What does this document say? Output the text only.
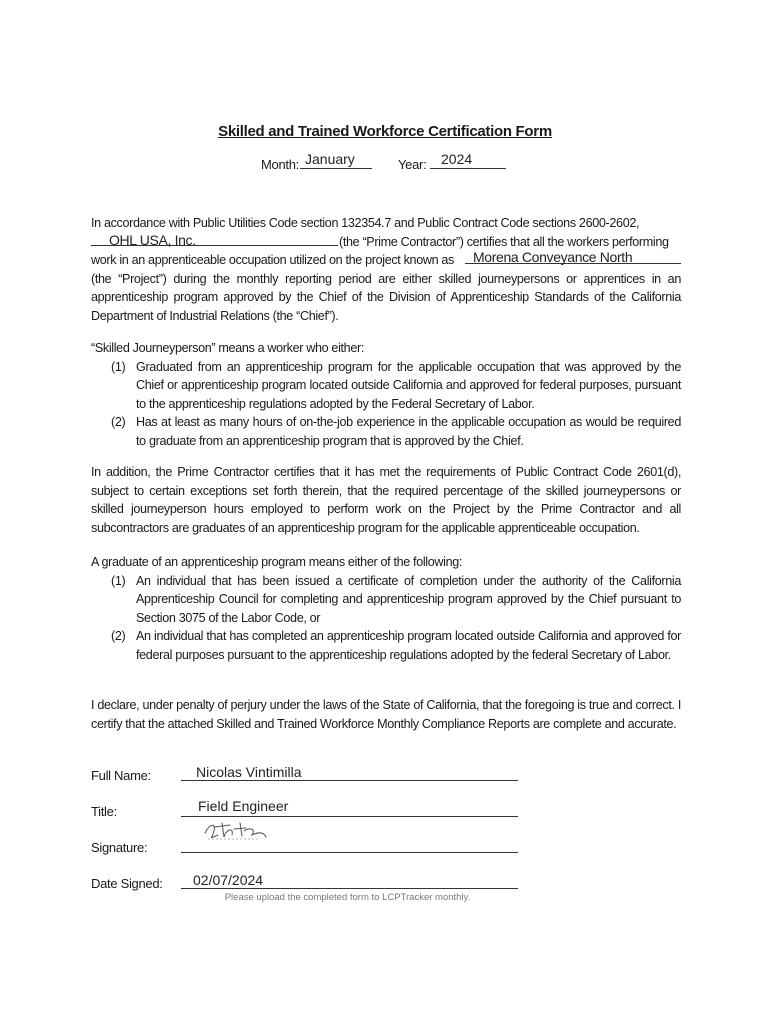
Skilled and Trained Workforce Certification Form
Month: January	Year: 2024
In accordance with Public Utilities Code section 132354.7 and Public Contract Code sections 2600-2602,
OHL USA, Inc.	(the “Prime Contractor”) certifies that all the workers performing
work in an apprenticeable occupation utilized on the project known as Morena Conveyance North
(the “Project”) during the monthly reporting period are either skilled journeypersons or apprentices in an apprenticeship program approved by the Chief of the Division of Apprenticeship Standards of the California Department of Industrial Relations (the “Chief”).
“Skilled Journeyperson” means a worker who either:
(1) Graduated from an apprenticeship program for the applicable occupation that was approved by the Chief or apprenticeship program located outside California and approved for federal purposes, pursuant to the apprenticeship regulations adopted by the Federal Secretary of Labor.
(2) Has at least as many hours of on-the-job experience in the applicable occupation as would be required to graduate from an apprenticeship program that is approved by the Chief.
In addition, the Prime Contractor certifies that it has met the requirements of Public Contract Code 2601(d), subject to certain exceptions set forth therein, that the required percentage of the skilled journeypersons or skilled journeyperson hours employed to perform work on the Project by the Prime Contractor and all subcontractors are graduates of an apprenticeship program for the applicable apprenticeable occupation.
A graduate of an apprenticeship program means either of the following:
(1) An individual that has been issued a certificate of completion under the authority of the California Apprenticeship Council for completing and apprenticeship program approved by the Chief pursuant to Section 3075 of the Labor Code, or
(2) An individual that has completed an apprenticeship program located outside California and approved for federal purposes pursuant to the apprenticeship regulations adopted by the federal Secretary of Labor.
I declare, under penalty of perjury under the laws of the State of California, that the foregoing is true and correct. I certify that the attached Skilled and Trained Workforce Monthly Compliance Reports are complete and accurate.
Full Name:	Nicolas Vintimilla
Title:	Field Engineer
Signature:
Date Signed: 02/07/2024
Please upload the completed form to LCPTracker monthly.
